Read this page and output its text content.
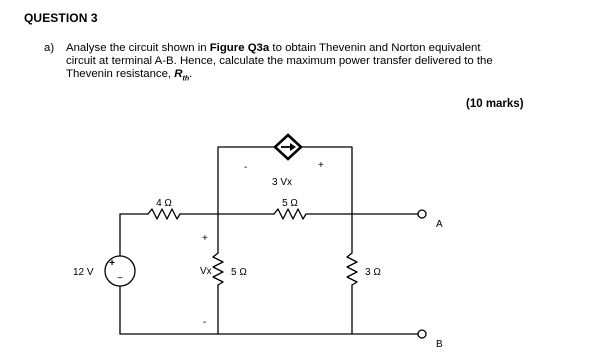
QUESTION 3
a) Analyse the circuit shown in Figure Q3a to obtain Thevenin and Norton equivalent
circuit at terminal A-B. Hence, calculate the maximum power transfer delivered to the
Thevenin resistance, $R_{th}$.
(10 marks)
+
−
12 V
4 Ω	5 Ω
3 Vx
-	+
+
Vx
-
5 Ω	3 Ω
A
B
